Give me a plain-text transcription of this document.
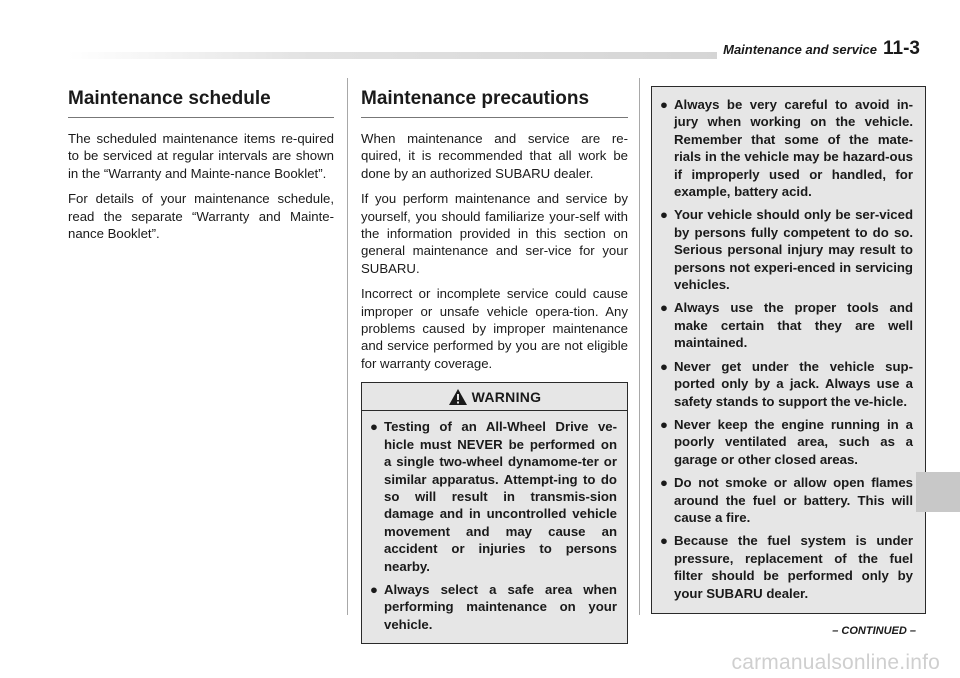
Maintenance and service 11-3
Maintenance schedule

The scheduled maintenance items re-quired to be serviced at regular intervals are shown in the “Warranty and Mainte-nance Booklet”.

For details of your maintenance schedule, read the separate “Warranty and Mainte-nance Booklet”.

Maintenance precautions

When maintenance and service are re-quired, it is recommended that all work be done by an authorized SUBARU dealer.

If you perform maintenance and service by yourself, you should familiarize your-self with the information provided in this section on general maintenance and ser-vice for your SUBARU.

Incorrect or incomplete service could cause improper or unsafe vehicle opera-tion. Any problems caused by improper maintenance and service performed by you are not eligible for warranty coverage.

WARNING
● Testing of an All-Wheel Drive ve-hicle must NEVER be performed on a single two-wheel dynamome-ter or similar apparatus. Attempt-ing to do so will result in transmis-sion damage and in uncontrolled vehicle movement and may cause an accident or injuries to persons nearby.
● Always select a safe area when performing maintenance on your vehicle.
● Always be very careful to avoid in-jury when working on the vehicle. Remember that some of the mate-rials in the vehicle may be hazard-ous if improperly used or handled, for example, battery acid.
● Your vehicle should only be ser-viced by persons fully competent to do so. Serious personal injury may result to persons not experi-enced in servicing vehicles.
● Always use the proper tools and make certain that they are well maintained.
● Never get under the vehicle sup-ported only by a jack. Always use a safety stands to support the ve-hicle.
● Never keep the engine running in a poorly ventilated area, such as a garage or other closed areas.
● Do not smoke or allow open flames around the fuel or battery. This will cause a fire.
● Because the fuel system is under pressure, replacement of the fuel filter should be performed only by your SUBARU dealer.
– CONTINUED –
carmanualsonline.info
